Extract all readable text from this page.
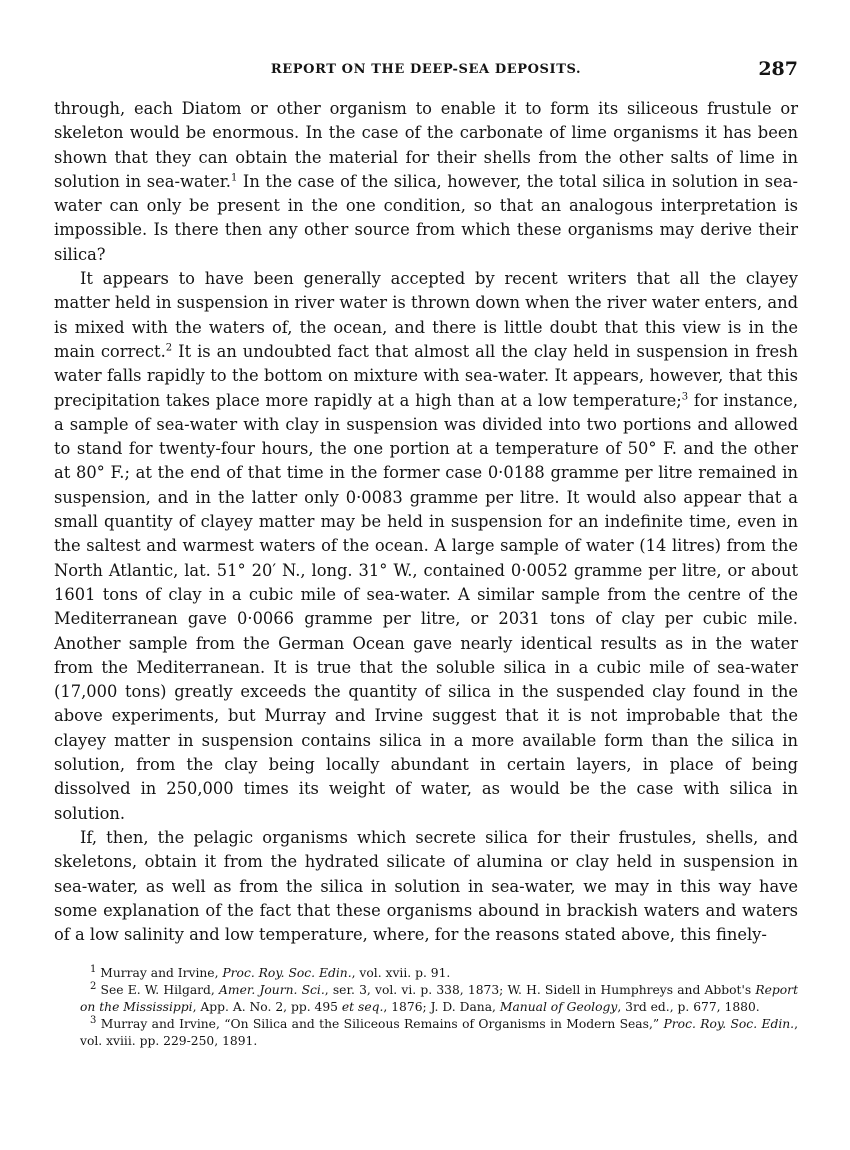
REPORT ON THE DEEP-SEA DEPOSITS.	287

through, each Diatom or other organism to enable it to form its siliceous frustule or skeleton would be enormous. In the case of the carbonate of lime organisms it has been shown that they can obtain the material for their shells from the other salts of lime in solution in sea-water.$^1$ In the case of the silica, however, the total silica in solution in sea-water can only be present in the one condition, so that an analogous interpretation is impossible. Is there then any other source from which these organisms may derive their silica?

It appears to have been generally accepted by recent writers that all the clayey matter held in suspension in river water is thrown down when the river water enters, and is mixed with the waters of, the ocean, and there is little doubt that this view is in the main correct.$^2$ It is an undoubted fact that almost all the clay held in suspension in fresh water falls rapidly to the bottom on mixture with sea-water. It appears, however, that this precipitation takes place more rapidly at a high than at a low temperature;$^3$ for instance, a sample of sea-water with clay in suspension was divided into two portions and allowed to stand for twenty-four hours, the one portion at a temperature of 50° F. and the other at 80° F.; at the end of that time in the former case 0·0188 gramme per litre remained in suspension, and in the latter only 0·0083 gramme per litre. It would also appear that a small quantity of clayey matter may be held in suspension for an indefinite time, even in the saltest and warmest waters of the ocean. A large sample of water (14 litres) from the North Atlantic, lat. 51° 20′ N., long. 31° W., contained 0·0052 gramme per litre, or about 1601 tons of clay in a cubic mile of sea-water. A similar sample from the centre of the Mediterranean gave 0·0066 gramme per litre, or 2031 tons of clay per cubic mile. Another sample from the German Ocean gave nearly identical results as in the water from the Mediterranean. It is true that the soluble silica in a cubic mile of sea-water (17,000 tons) greatly exceeds the quantity of silica in the suspended clay found in the above experiments, but Murray and Irvine suggest that it is not improbable that the clayey matter in suspension contains silica in a more available form than the silica in solution, from the clay being locally abundant in certain layers, in place of being dissolved in 250,000 times its weight of water, as would be the case with silica in solution.

If, then, the pelagic organisms which secrete silica for their frustules, shells, and skeletons, obtain it from the hydrated silicate of alumina or clay held in suspension in sea-water, as well as from the silica in solution in sea-water, we may in this way have some explanation of the fact that these organisms abound in brackish waters and waters of a low salinity and low temperature, where, for the reasons stated above, this finely-

$^1$ Murray and Irvine, Proc. Roy. Soc. Edin., vol. xvii. p. 91.

$^2$ See E. W. Hilgard, Amer. Journ. Sci., ser. 3, vol. vi. p. 338, 1873; W. H. Sidell in Humphreys and Abbot's Report on the Mississippi, App. A. No. 2, pp. 495 et seq., 1876; J. D. Dana, Manual of Geology, 3rd ed., p. 677, 1880.

$^3$ Murray and Irvine, “On Silica and the Siliceous Remains of Organisms in Modern Seas,” Proc. Roy. Soc. Edin., vol. xviii. pp. 229-250, 1891.
